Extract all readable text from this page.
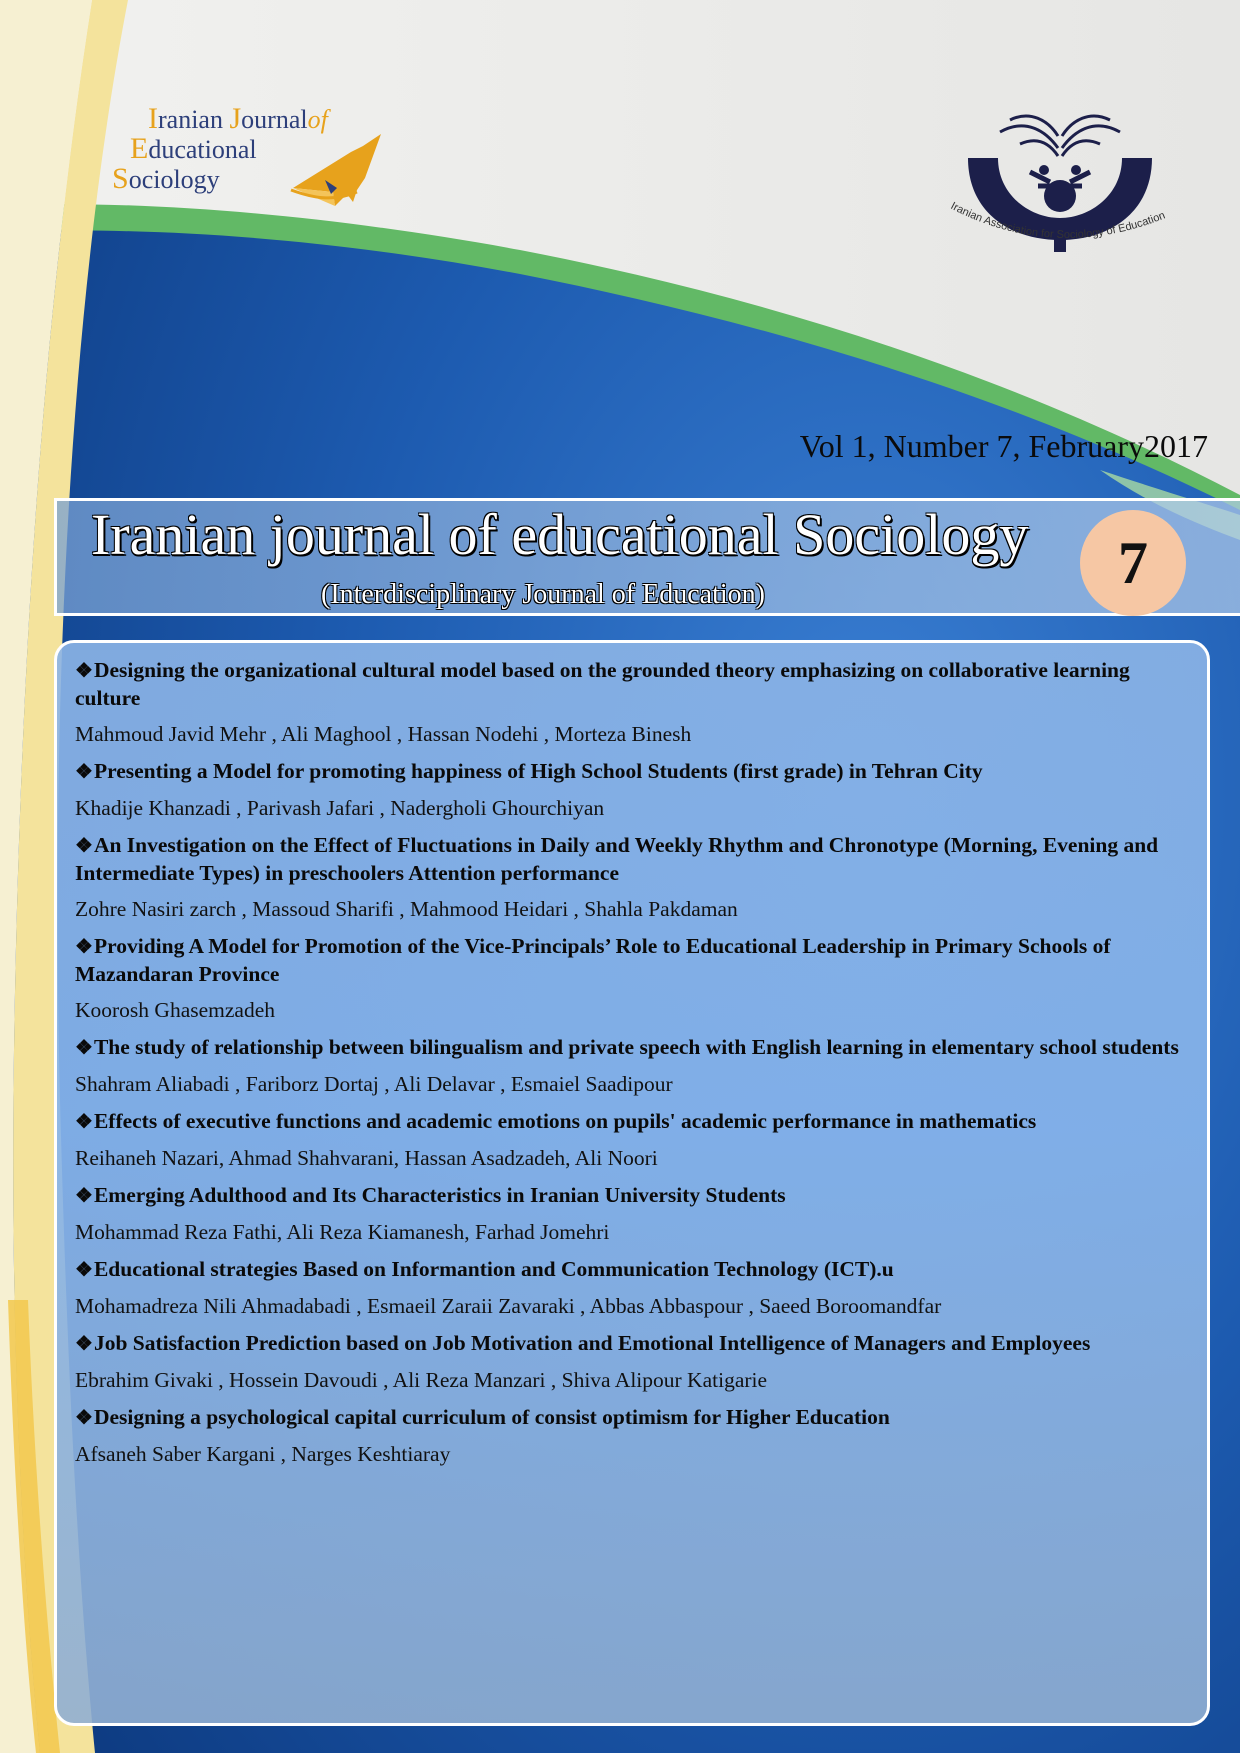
Iranian Journalof
Educational
Sociology
Iranian Association for Sociology of Education
Vol 1, Number 7, February2017
Iranian journal of educational Sociology
(Interdisciplinary Journal of Education)	7
❖Designing the organizational cultural model based on the grounded theory emphasizing on collaborative learning culture
Mahmoud Javid Mehr , Ali Maghool , Hassan Nodehi , Morteza Binesh
❖Presenting a Model for promoting happiness of High School Students (first grade) in Tehran City
Khadije Khanzadi , Parivash Jafari , Nadergholi Ghourchiyan
❖An Investigation on the Effect of Fluctuations in Daily and Weekly Rhythm and Chronotype (Morning, Evening and Intermediate Types) in preschoolers Attention performance
Zohre Nasiri zarch , Massoud Sharifi , Mahmood Heidari , Shahla Pakdaman
❖Providing A Model for Promotion of the Vice-Principals’ Role to Educational Leadership in Primary Schools of Mazandaran Province
Koorosh Ghasemzadeh
❖The study of relationship between bilingualism and private speech with English learning in elementary school students
Shahram Aliabadi , Fariborz Dortaj , Ali Delavar , Esmaiel Saadipour
❖Effects of executive functions and academic emotions on pupils' academic performance in mathematics
Reihaneh Nazari, Ahmad Shahvarani, Hassan Asadzadeh, Ali Noori
❖Emerging Adulthood and Its Characteristics in Iranian University Students
Mohammad Reza Fathi, Ali Reza Kiamanesh, Farhad Jomehri
❖Educational strategies Based on Informantion and Communication Technology (ICT).u
Mohamadreza Nili Ahmadabadi , Esmaeil Zaraii Zavaraki , Abbas Abbaspour , Saeed Boroomandfar
❖Job Satisfaction Prediction based on Job Motivation and Emotional Intelligence of Managers and Employees
Ebrahim Givaki , Hossein Davoudi , Ali Reza Manzari , Shiva Alipour Katigarie
❖Designing a psychological capital curriculum of consist optimism for Higher Education
Afsaneh Saber Kargani , Narges Keshtiaray
